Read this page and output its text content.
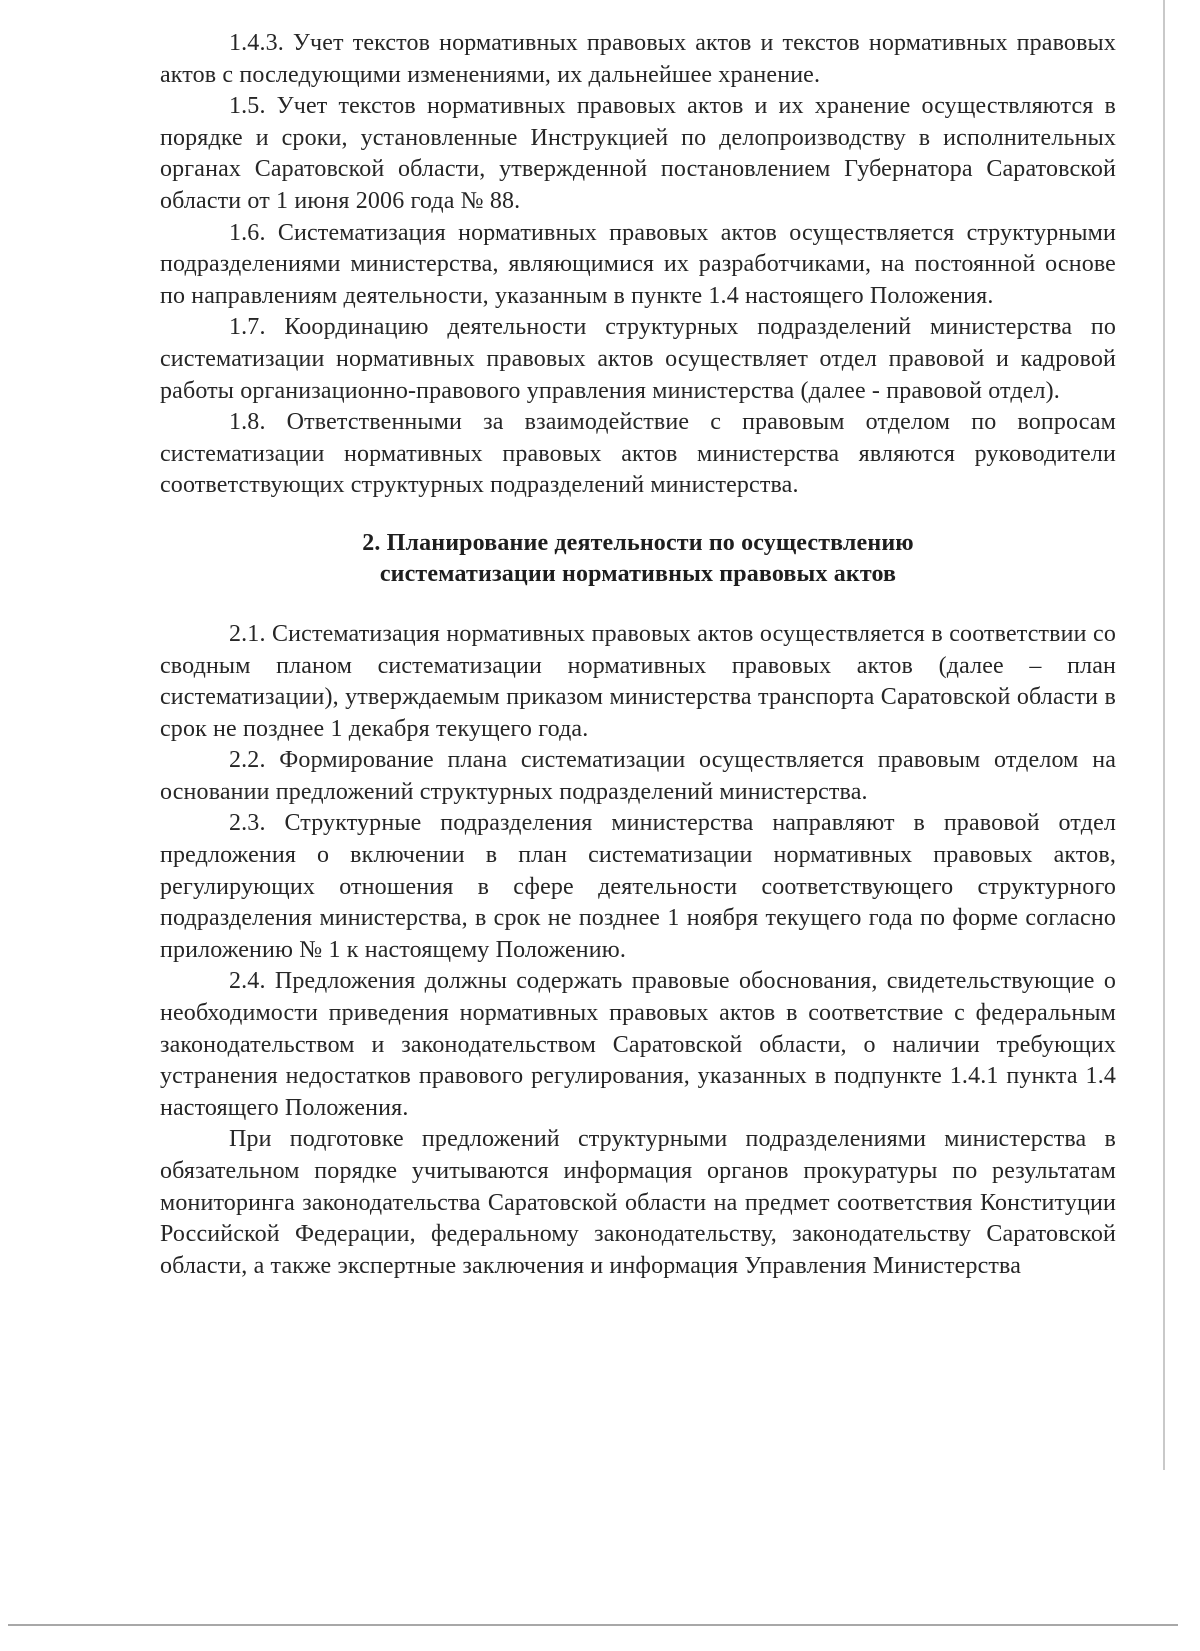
1.4.3. Учет текстов нормативных правовых актов и текстов нормативных правовых актов с последующими изменениями, их дальнейшее хранение.

1.5. Учет текстов нормативных правовых актов и их хранение осуществляются в порядке и сроки, установленные Инструкцией по делопроизводству в исполнительных органах Саратовской области, утвержденной постановлением Губернатора Саратовской области от 1 июня 2006 года № 88.

1.6. Систематизация нормативных правовых актов осуществляется структурными подразделениями министерства, являющимися их разработчиками, на постоянной основе по направлениям деятельности, указанным в пункте 1.4 настоящего Положения.

1.7. Координацию деятельности структурных подразделений министерства по систематизации нормативных правовых актов осуществляет отдел правовой и кадровой работы организационно-правового управления министерства (далее - правовой отдел).

1.8. Ответственными за взаимодействие с правовым отделом по вопросам систематизации нормативных правовых актов министерства являются руководители соответствующих структурных подразделений министерства.

2. Планирование деятельности по осуществлению
систематизации нормативных правовых актов

2.1. Систематизация нормативных правовых актов осуществляется в соответствии со сводным планом систематизации нормативных правовых актов (далее – план систематизации), утверждаемым приказом министерства транспорта Саратовской области в срок не позднее 1 декабря текущего года.

2.2. Формирование плана систематизации осуществляется правовым отделом на основании предложений структурных подразделений министерства.

2.3. Структурные подразделения министерства направляют в правовой отдел предложения о включении в план систематизации нормативных правовых актов, регулирующих отношения в сфере деятельности соответствующего структурного подразделения министерства, в срок не позднее 1 ноября текущего года по форме согласно приложению № 1 к настоящему Положению.

2.4. Предложения должны содержать правовые обоснования, свидетельствующие о необходимости приведения нормативных правовых актов в соответствие с федеральным законодательством и законодательством Саратовской области, о наличии требующих устранения недостатков правового регулирования, указанных в подпункте 1.4.1 пункта 1.4 настоящего Положения.

При подготовке предложений структурными подразделениями министерства в обязательном порядке учитываются информация органов прокуратуры по результатам мониторинга законодательства Саратовской области на предмет соответствия Конституции Российской Федерации, федеральному законодательству, законодательству Саратовской области, а также экспертные заключения и информация Управления Министерства
